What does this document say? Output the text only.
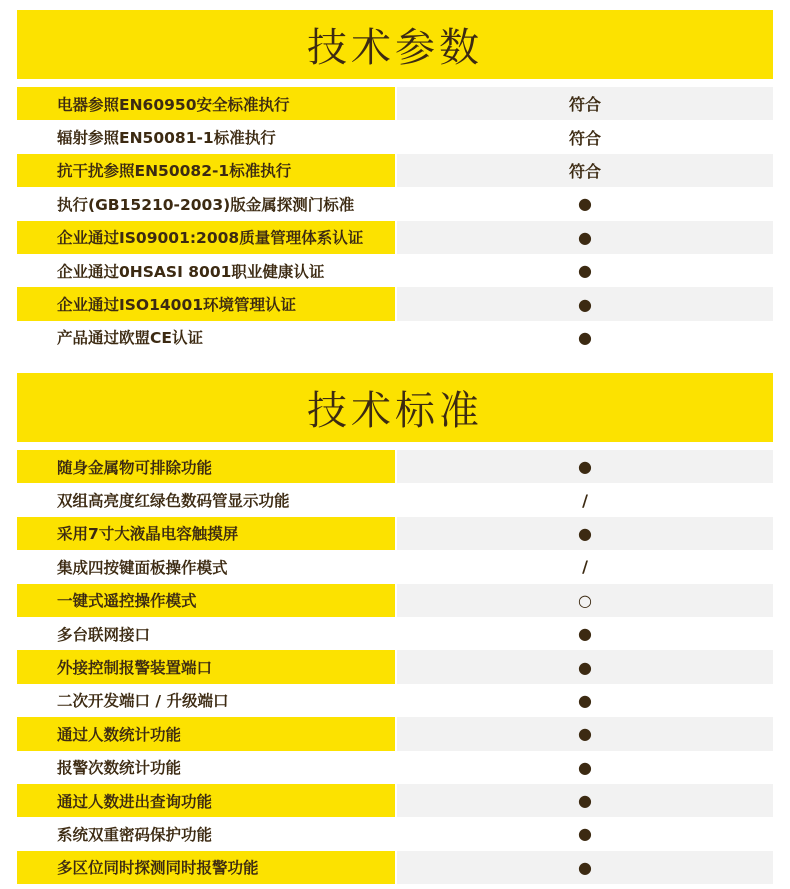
技术参数
电器参照EN60950安全标准执行	符合
辐射参照EN50081-1标准执行	符合
抗干扰参照EN50082-1标准执行	符合
执行(GB15210-2003)版金属探测门标准	●
企业通过IS09001:2008质量管理体系认证	●
企业通过0HSASI 8001职业健康认证	●
企业通过ISO14001环境管理认证	●
产品通过欧盟CE认证	●
技术标准
随身金属物可排除功能	●
双组高亮度红绿色数码管显示功能	/
采用7寸大液晶电容触摸屏	●
集成四按键面板操作模式	/
一键式遥控操作模式	○
多台联网接口	●
外接控制报警装置端口	●
二次开发端口 / 升级端口	●
通过人数统计功能	●
报警次数统计功能	●
通过人数进出查询功能	●
系统双重密码保护功能	●
多区位同时探测同时报警功能	●
